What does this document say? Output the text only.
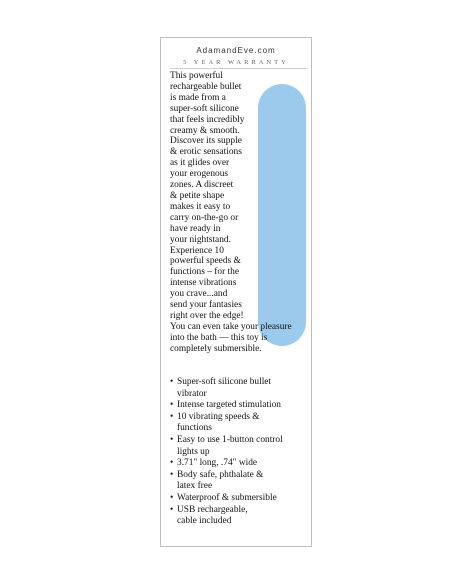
AdamandEve.com
5 YEAR WARRANTY

This powerful
rechargeable bullet
is made from a
super-soft silicone
that feels incredibly
creamy & smooth.
Discover its supple
& erotic sensations
as it glides over
your erogenous
zones. A discreet
& petite shape
makes it easy to
carry on-the-go or
have ready in
your nightstand.
Experience 10
powerful speeds &
functions – for the
intense vibrations
you crave...and
send your fantasies
right over the edge!
You can even take your pleasure
into the bath — this toy is
completely submersible.

• Super-soft silicone bullet
vibrator
• Intense targeted stimulation
• 10 vibrating speeds &
functions
• Easy to use 1-button control
lights up
• 3.71" long, .74" wide
• Body safe, phthalate &
latex free
• Waterproof & submersible
• USB rechargeable,
cable included
